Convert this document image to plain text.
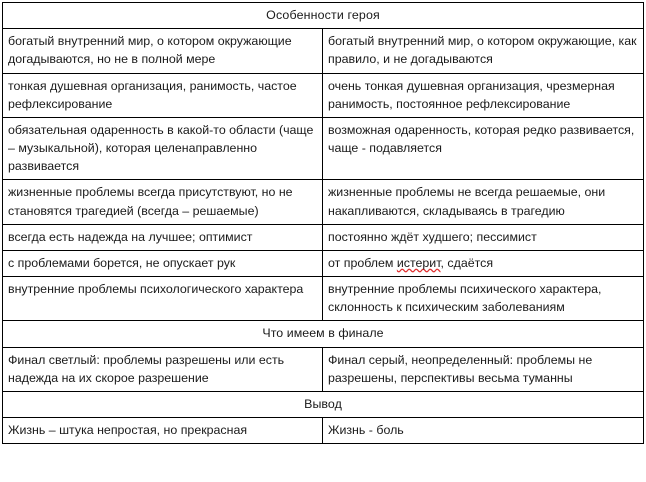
Особенности героя	

богатый внутренний мир, о котором окружающие догадываются, но не в полной мере	богатый внутренний мир, о котором окружающие, как правило, и не догадываются

тонкая душевная организация, ранимость, частое рефлексирование	очень тонкая душевная организация, чрезмерная ранимость, постоянное рефлексирование

обязательная одаренность в какой-то области (чаще – музыкальной), которая целенаправленно развивается	возможная одаренность, которая редко развивается, чаще - подавляется

жизненные проблемы всегда присутствуют, но не становятся трагедией (всегда – решаемые)	жизненные проблемы не всегда решаемые, они накапливаются, складываясь в трагедию

всегда есть надежда на лучшее; оптимист	постоянно ждёт худшего; пессимист

с проблемами борется, не опускает рук	от проблем истерит, сдаётся

внутренние проблемы психологического характера	внутренние проблемы психического характера, склонность к психическим заболеваниям

Что имеем в финале	

Финал светлый: проблемы разрешены или есть надежда на их скорое разрешение	Финал серый, неопределенный: проблемы не разрешены, перспективы весьма туманны

Вывод	

Жизнь – штука непростая, но прекрасная	Жизнь - боль
